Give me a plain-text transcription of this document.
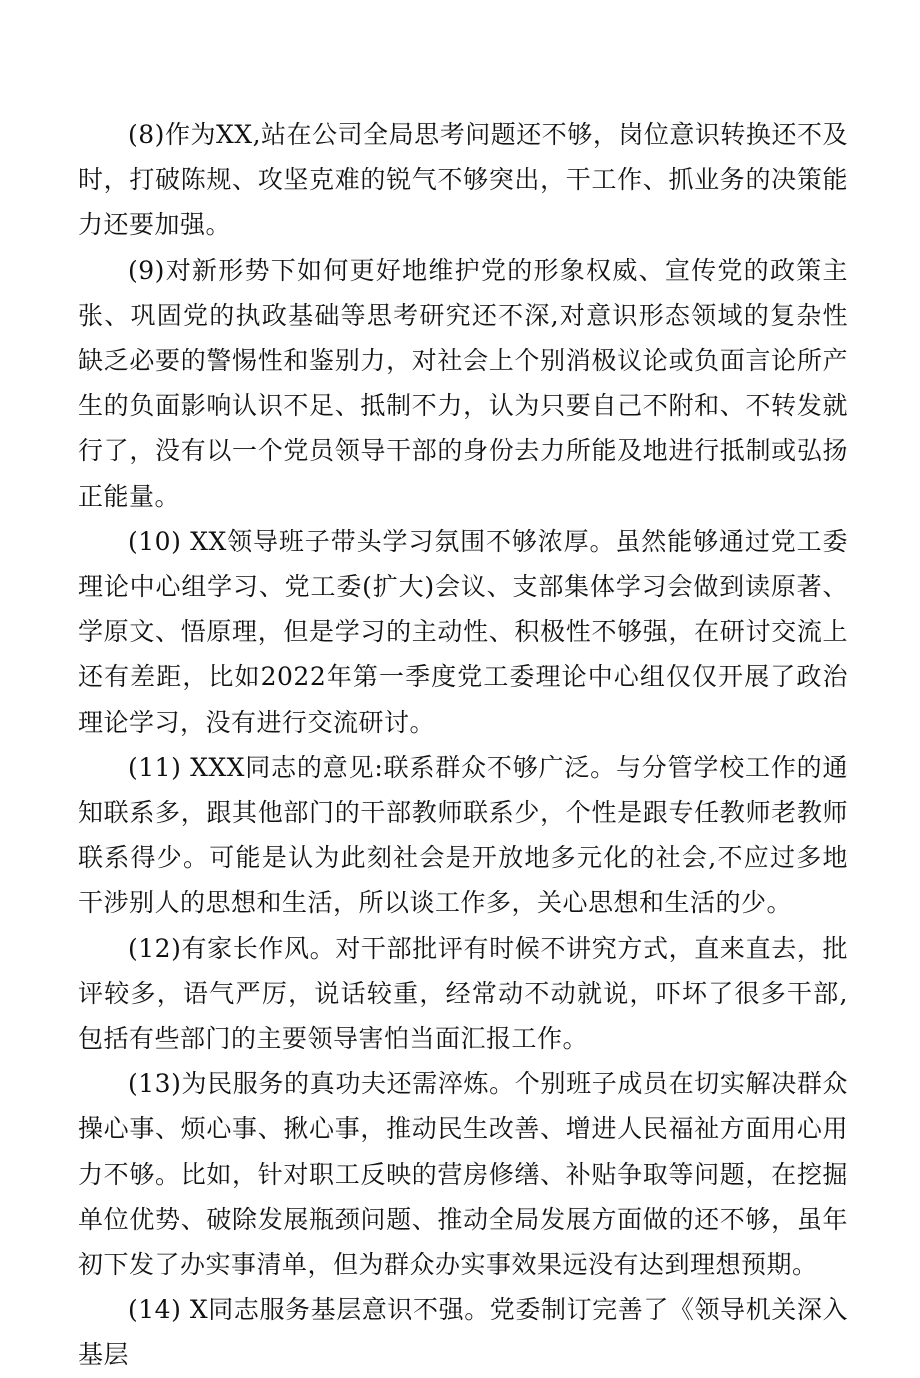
(8)作为XX,站在公司全局思考问题还不够，岗位意识转换还不及时，打破陈规、攻坚克难的锐气不够突出，干工作、抓业务的决策能力还要加强。

(9)对新形势下如何更好地维护党的形象权威、宣传党的政策主张、巩固党的执政基础等思考研究还不深,对意识形态领域的复杂性缺乏必要的警惕性和鉴别力，对社会上个别消极议论或负面言论所产生的负面影响认识不足、抵制不力，认为只要自己不附和、不转发就行了，没有以一个党员领导干部的身份去力所能及地进行抵制或弘扬正能量。

(10) XX领导班子带头学习氛围不够浓厚。虽然能够通过党工委理论中心组学习、党工委(扩大)会议、支部集体学习会做到读原著、学原文、悟原理，但是学习的主动性、积极性不够强，在研讨交流上还有差距，比如2022年第一季度党工委理论中心组仅仅开展了政治理论学习，没有进行交流研讨。

(11) XXX同志的意见:联系群众不够广泛。与分管学校工作的通知联系多，跟其他部门的干部教师联系少，个性是跟专任教师老教师联系得少。可能是认为此刻社会是开放地多元化的社会,不应过多地干涉别人的思想和生活，所以谈工作多，关心思想和生活的少。

(12)有家长作风。对干部批评有时候不讲究方式，直来直去，批评较多，语气严厉，说话较重，经常动不动就说，吓坏了很多干部,包括有些部门的主要领导害怕当面汇报工作。

(13)为民服务的真功夫还需淬炼。个别班子成员在切实解决群众操心事、烦心事、揪心事，推动民生改善、增进人民福祉方面用心用力不够。比如，针对职工反映的营房修缮、补贴争取等问题，在挖掘单位优势、破除发展瓶颈问题、推动全局发展方面做的还不够，虽年初下发了办实事清单，但为群众办实事效果远没有达到理想预期。

(14) X同志服务基层意识不强。党委制订完善了《领导机关深入基层
